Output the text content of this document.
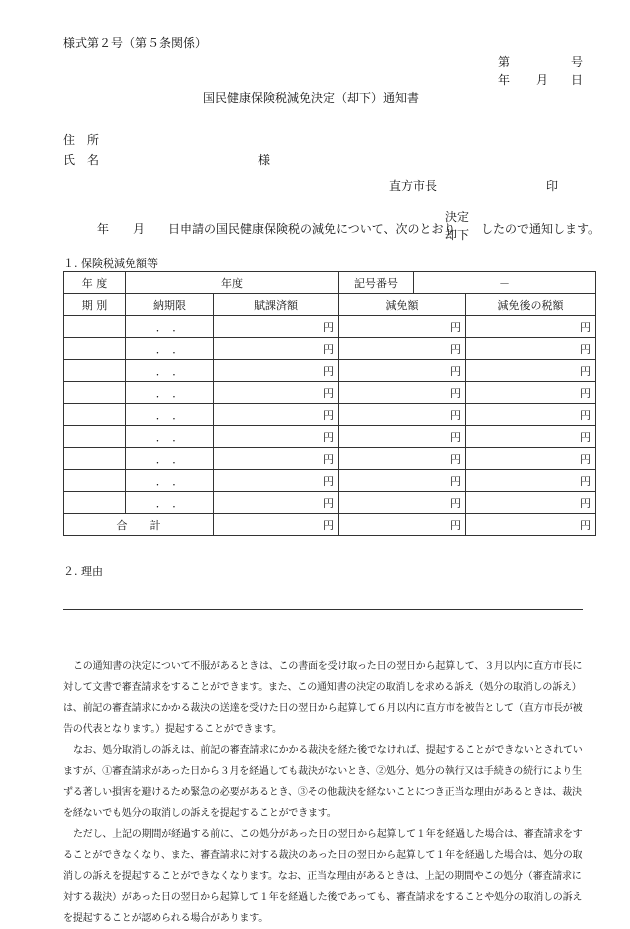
様式第２号（第５条関係）
第	号
年 月 日
国民健康保険税減免決定（却下）通知書
住　所
氏　名	様
直方市長	印
年 月 日申請の国民健康保険税の減免について、次のとおり
決定
却下 したので通知します。
１. 保険税減免額等
年 度	年度		記号番号	－	
期 別	納期限	賦課済額	減免額		減免後の税額
	．　．	円	円		円
	．　．	円	円		円
	．　．	円	円		円
	．　．	円	円		円
	．　．	円	円		円
	．　．	円	円		円
	．　．	円	円		円
	．　．	円	円		円
	．　．	円	円		円
合　　計		円	円		円
２. 理由

この通知書の決定について不服があるときは、この書面を受け取った日の翌日から起算して、３月以内に直方市長に対して文書で審査請求をすることができます。また、この通知書の決定の取消しを求める訴え（処分の取消しの訴え）は、前記の審査請求にかかる裁決の送達を受けた日の翌日から起算して６月以内に直方市を被告として（直方市長が被告の代表となります。）提起することができます。

なお、処分取消しの訴えは、前記の審査請求にかかる裁決を経た後でなければ、提起することができないとされていますが、①審査請求があった日から３月を経過しても裁決がないとき、②処分、処分の執行又は手続きの続行により生ずる著しい損害を避けるため緊急の必要があるとき、③その他裁決を経ないことにつき正当な理由があるときは、裁決を経ないでも処分の取消しの訴えを提起することができます。

ただし、上記の期間が経過する前に、この処分があった日の翌日から起算して１年を経過した場合は、審査請求をすることができなくなり、また、審査請求に対する裁決のあった日の翌日から起算して１年を経過した場合は、処分の取消しの訴えを提起することができなくなります。なお、正当な理由があるときは、上記の期間やこの処分（審査請求に対する裁決）があった日の翌日から起算して１年を経過した後であっても、審査請求をすることや処分の取消しの訴えを提起することが認められる場合があります。
